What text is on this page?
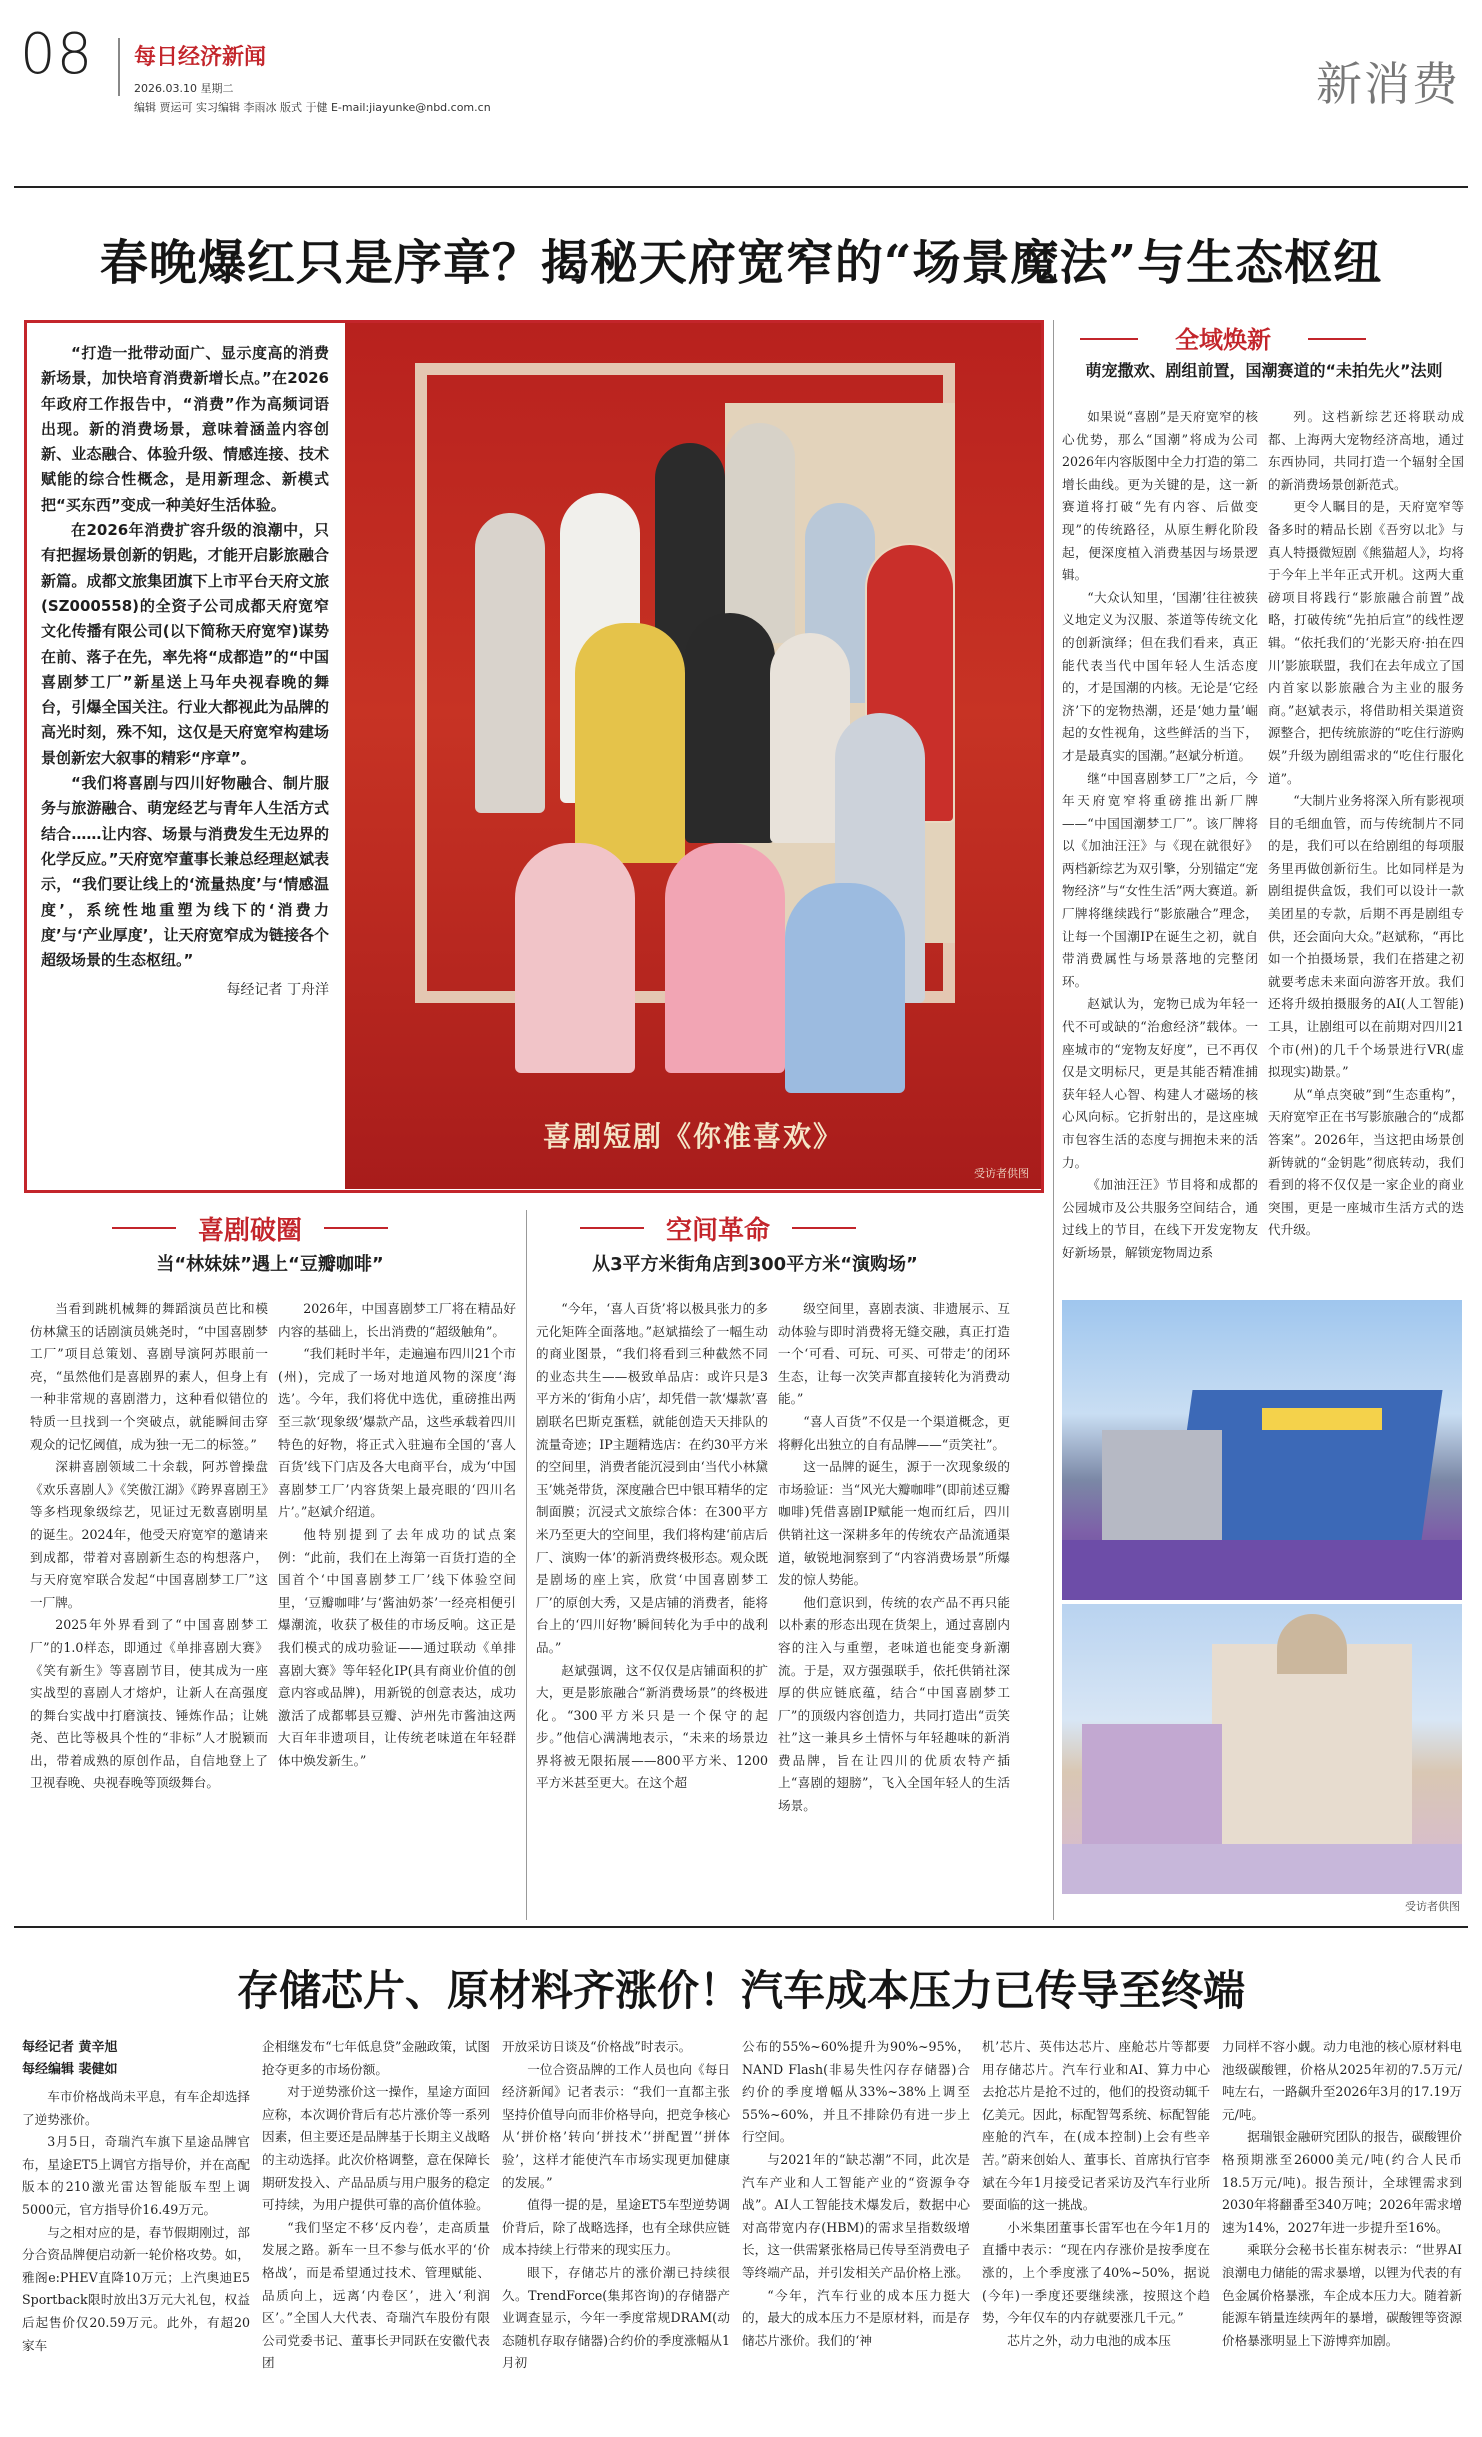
08 每日经济新闻
2026.03.10 星期二
编辑 贾运可 实习编辑 李雨冰 版式 于健 E-mail:jiayunke@nbd.com.cn	新消费
春晚爆红只是序章？揭秘天府宽窄的“场景魔法”与生态枢纽

“打造一批带动面广、显示度高的消费新场景，加快培育消费新增长点。”在2026年政府工作报告中，“消费”作为高频词语出现。新的消费场景，意味着涵盖内容创新、业态融合、体验升级、情感连接、技术赋能的综合性概念，是用新理念、新模式把“买东西”变成一种美好生活体验。

在2026年消费扩容升级的浪潮中，只有把握场景创新的钥匙，才能开启影旅融合新篇。成都文旅集团旗下上市平台天府文旅(SZ000558)的全资子公司成都天府宽窄文化传播有限公司(以下简称天府宽窄)谋势在前、落子在先，率先将“成都造”的“中国喜剧梦工厂”新星送上马年央视春晚的舞台，引爆全国关注。行业大都视此为品牌的高光时刻，殊不知，这仅是天府宽窄构建场景创新宏大叙事的精彩“序章”。

“我们将喜剧与四川好物融合、制片服务与旅游融合、萌宠经艺与青年人生活方式结合……让内容、场景与消费发生无边界的化学反应。”天府宽窄董事长兼总经理赵斌表示，“我们要让线上的‘流量热度’与‘情感温度’，系统性地重塑为线下的‘消费力度’与‘产业厚度’，让天府宽窄成为链接各个超级场景的生态枢纽。”

每经记者 丁舟洋
喜剧短剧《你准喜欢》
受访者供图
全域焕新
萌宠撒欢、剧组前置，国潮赛道的“未拍先火”法则
喜剧破圈
当“林妹妹”遇上“豆瓣咖啡”
空间革命
从3平方米街角店到300平方米“演购场”

当看到跳机械舞的舞蹈演员芭比和模仿林黛玉的话剧演员姚尧时，“中国喜剧梦工厂”项目总策划、喜剧导演阿苏眼前一亮，“虽然他们是喜剧界的素人，但身上有一种非常规的喜剧潜力，这种看似错位的特质一旦找到一个突破点，就能瞬间击穿观众的记忆阈值，成为独一无二的标签。”

深耕喜剧领域二十余载，阿苏曾操盘《欢乐喜剧人》《笑傲江湖》《跨界喜剧王》等多档现象级综艺，见证过无数喜剧明星的诞生。2024年，他受天府宽窄的邀请来到成都，带着对喜剧新生态的构想落户，与天府宽窄联合发起“中国喜剧梦工厂”这一厂牌。

2025年外界看到了“中国喜剧梦工厂”的1.0样态，即通过《单排喜剧大赛》《笑有新生》等喜剧节目，使其成为一座实战型的喜剧人才熔炉，让新人在高强度的舞台实战中打磨演技、锤炼作品；让姚尧、芭比等极具个性的“非标”人才脱颖而出，带着成熟的原创作品，自信地登上了卫视春晚、央视春晚等顶级舞台。

2026年，中国喜剧梦工厂将在精品好内容的基础上，长出消费的“超级触角”。

“我们耗时半年，走遍遍布四川21个市(州)，完成了一场对地道风物的深度‘海选’。今年，我们将优中选优，重磅推出两至三款‘现象级’爆款产品，这些承载着四川特色的好物，将正式入驻遍布全国的‘喜人百货’线下门店及各大电商平台，成为‘中国喜剧梦工厂’内容货架上最亮眼的‘四川名片’。”赵斌介绍道。

他特别提到了去年成功的试点案例：“此前，我们在上海第一百货打造的全国首个‘中国喜剧梦工厂’线下体验空间里，‘豆瓣咖啡’与‘酱油奶茶’一经亮相便引爆潮流，收获了极佳的市场反响。这正是我们模式的成功验证——通过联动《单排喜剧大赛》等年轻化IP(具有商业价值的创意内容或品牌)，用新锐的创意表达，成功激活了成都郫县豆瓣、泸州先市酱油这两大百年非遗项目，让传统老味道在年轻群体中焕发新生。”

“今年，‘喜人百货’将以极具张力的多元化矩阵全面落地。”赵斌描绘了一幅生动的商业图景，“我们将看到三种截然不同的业态共生——极致单品店：或许只是3平方米的‘街角小店’，却凭借一款‘爆款’喜剧联名巴斯克蛋糕，就能创造天天排队的流量奇迹；IP主题精选店：在约30平方米的空间里，消费者能沉浸到由‘当代小林黛玉’姚尧带货，深度融合巴中银耳精华的定制面膜；沉浸式文旅综合体：在300平方米乃至更大的空间里，我们将构建‘前店后厂、演购一体’的新消费终极形态。观众既是剧场的座上宾，欣赏‘中国喜剧梦工厂’的原创大秀，又是店铺的消费者，能将台上的‘四川好物’瞬间转化为手中的战利品。”

赵斌强调，这不仅仅是店铺面积的扩大，更是影旅融合“新消费场景”的终极进化。“300平方米只是一个保守的起步。”他信心满满地表示，“未来的场景边界将被无限拓展——800平方米、1200平方米甚至更大。在这个超

级空间里，喜剧表演、非遗展示、互动体验与即时消费将无缝交融，真正打造一个‘可看、可玩、可买、可带走’的闭环生态，让每一次笑声都直接转化为消费动能。”

“喜人百货”不仅是一个渠道概念，更将孵化出独立的自有品牌——“贡笑社”。

这一品牌的诞生，源于一次现象级的市场验证：当“风光大瓣咖啡”(即前述豆瓣咖啡)凭借喜剧IP赋能一炮而红后，四川供销社这一深耕多年的传统农产品流通渠道，敏锐地洞察到了“内容消费场景”所爆发的惊人势能。

他们意识到，传统的农产品不再只能以朴素的形态出现在货架上，通过喜剧内容的注入与重塑，老味道也能变身新潮流。于是，双方强强联手，依托供销社深厚的供应链底蕴，结合“中国喜剧梦工厂”的顶级内容创造力，共同打造出“贡笑社”这一兼具乡土情怀与年轻趣味的新消费品牌，旨在让四川的优质农特产插上“喜剧的翅膀”，飞入全国年轻人的生活场景。

如果说“喜剧”是天府宽窄的核心优势，那么“国潮”将成为公司2026年内容版图中全力打造的第二增长曲线。更为关键的是，这一新赛道将打破“先有内容、后做变现”的传统路径，从原生孵化阶段起，便深度植入消费基因与场景逻辑。

“大众认知里，‘国潮’往往被狭义地定义为汉服、茶道等传统文化的创新演绎；但在我们看来，真正能代表当代中国年轻人生活态度的，才是国潮的内核。无论是‘它经济’下的宠物热潮，还是‘她力量’崛起的女性视角，这些鲜活的当下，才是最真实的国潮。”赵斌分析道。

继“中国喜剧梦工厂”之后，今年天府宽窄将重磅推出新厂牌——“中国国潮梦工厂”。该厂牌将以《加油汪汪》与《现在就很好》两档新综艺为双引擎，分别锚定“宠物经济”与“女性生活”两大赛道。新厂牌将继续践行“影旅融合”理念，让每一个国潮IP在诞生之初，就自带消费属性与场景落地的完整闭环。

赵斌认为，宠物已成为年轻一代不可或缺的“治愈经济”载体。一座城市的“宠物友好度”，已不再仅仅是文明标尺，更是其能否精准捕获年轻人心智、构建人才磁场的核心风向标。它折射出的，是这座城市包容生活的态度与拥抱未来的活力。

《加油汪汪》节目将和成都的公园城市及公共服务空间结合，通过线上的节目，在线下开发宠物友好新场景，解锁宠物周边系

列。这档新综艺还将联动成都、上海两大宠物经济高地，通过东西协同，共同打造一个辐射全国的新消费场景创新范式。

更令人瞩目的是，天府宽窄等备多时的精品长剧《吾穷以北》与真人特摄微短剧《熊猫超人》，均将于今年上半年正式开机。这两大重磅项目将践行“影旅融合前置”战略，打破传统“先拍后宣”的线性逻辑。“依托我们的‘光影天府·拍在四川’影旅联盟，我们在去年成立了国内首家以影旅融合为主业的服务商。”赵斌表示，将借助相关渠道资源整合，把传统旅游的“吃住行游购娱”升级为剧组需求的“吃住行服化道”。

“大制片业务将深入所有影视项目的毛细血管，而与传统制片不同的是，我们可以在给剧组的每项服务里再做创新衍生。比如同样是为剧组提供盒饭，我们可以设计一款美团星的专款，后期不再是剧组专供，还会面向大众。”赵斌称，“再比如一个拍摄场景，我们在搭建之初就要考虑未来面向游客开放。我们还将升级拍摄服务的AI(人工智能)工具，让剧组可以在前期对四川21个市(州)的几千个场景进行VR(虚拟现实)勘景。”

从“单点突破”到“生态重构”，天府宽窄正在书写影旅融合的“成都答案”。2026年，当这把由场景创新铸就的“金钥匙”彻底转动，我们看到的将不仅仅是一家企业的商业突围，更是一座城市生活方式的迭代升级。

受访者供图
存储芯片、原材料齐涨价！汽车成本压力已传导至终端
每经记者 黄辛旭
每经编辑 裴健如

车市价格战尚未平息，有车企却选择了逆势涨价。

3月5日，奇瑞汽车旗下星途品牌官布，星途ET5上调官方指导价，并在高配版本的210激光雷达智能版车型上调5000元，官方指导价16.49万元。

与之相对应的是，春节假期刚过，部分合资品牌便启动新一轮价格攻势。如，雅阁e:PHEV直降10万元；上汽奥迪E5 Sportback限时放出3万元大礼包，权益后起售价仅20.59万元。此外，有超20家车

企相继发布“七年低息贷”金融政策，试图抢夺更多的市场份额。

对于逆势涨价这一操作，星途方面回应称，本次调价背后有芯片涨价等一系列因素，但主要还是品牌基于长期主义战略的主动选择。此次价格调整，意在保障长期研发投入、产品品质与用户服务的稳定可持续，为用户提供可靠的高价值体验。

“我们坚定不移‘反内卷’，走高质量发展之路。新车一旦不参与低水平的‘价格战’，而是希望通过技术、管理赋能、品质向上，远离‘内卷区’，进入‘利润区’。”全国人大代表、奇瑞汽车股份有限公司党委书记、董事长尹同跃在安徽代表团

开放采访日谈及“价格战”时表示。

一位合资品牌的工作人员也向《每日经济新闻》记者表示：“我们一直都主张坚持价值导向而非价格导向，把竞争核心从‘拼价格’转向‘拼技术’‘拼配置’‘拼体验’，这样才能使汽车市场实现更加健康的发展。”

值得一提的是，星途ET5车型逆势调价背后，除了战略选择，也有全球供应链成本持续上行带来的现实压力。

眼下，存储芯片的涨价潮已持续很久。TrendForce(集邦咨询)的存储器产业调查显示，今年一季度常规DRAM(动态随机存取存储器)合约价的季度涨幅从1月初

公布的55%~60%提升为90%~95%，NAND Flash(非易失性闪存存储器)合约价的季度增幅从33%~38%上调至55%~60%，并且不排除仍有进一步上行空间。

与2021年的“缺芯潮”不同，此次是汽车产业和人工智能产业的“资源争夺战”。AI人工智能技术爆发后，数据中心对高带宽内存(HBM)的需求呈指数级增长，这一供需紧张格局已传导至消费电子等终端产品，并引发相关产品价格上涨。

“今年，汽车行业的成本压力挺大的，最大的成本压力不是原材料，而是存储芯片涨价。我们的‘神

机’芯片、英伟达芯片、座舱芯片等都要用存储芯片。汽车行业和AI、算力中心去抢芯片是抢不过的，他们的投资动辄千亿美元。因此，标配智驾系统、标配智能座舱的汽车，在(成本控制)上会有些辛苦。”蔚来创始人、董事长、首席执行官李斌在今年1月接受记者采访及汽车行业所要面临的这一挑战。

小米集团董事长雷军也在今年1月的直播中表示：“现在内存涨价是按季度在涨的，上个季度涨了40%~50%，据说(今年)一季度还要继续涨，按照这个趋势，今年仅车的内存就要涨几千元。”

芯片之外，动力电池的成本压

力同样不容小觑。动力电池的核心原材料电池级碳酸锂，价格从2025年初的7.5万元/吨左右，一路飙升至2026年3月的17.19万元/吨。

据瑞银金融研究团队的报告，碳酸锂价格预期涨至26000美元/吨(约合人民币18.5万元/吨)。报告预计，全球锂需求到2030年将翻番至340万吨；2026年需求增速为14%，2027年进一步提升至16%。

乘联分会秘书长崔东树表示：“世界AI浪潮电力储能的需求暴增，以锂为代表的有色金属价格暴涨，车企成本压力大。随着新能源车销量连续两年的暴增，碳酸锂等资源价格暴涨明显上下游博弈加剧。
